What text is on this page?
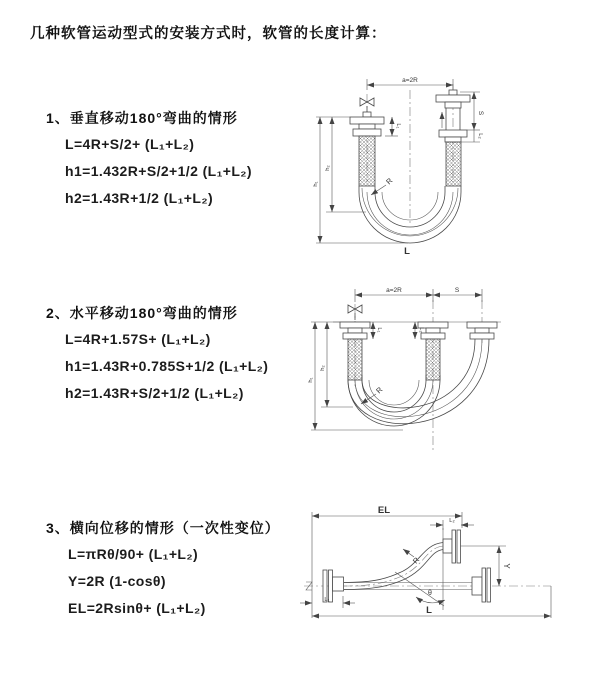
几种软管运动型式的安装方式时，软管的长度计算：
1、垂直移动180°弯曲的情形
L=4R+S/2+ (L₁+L₂)
h1=1.432R+S/2+1/2 (L₁+L₂)
h2=1.43R+1/2 (L₁+L₂)
2、水平移动180°弯曲的情形
L=4R+1.57S+ (L₁+L₂)
h1=1.43R+0.785S+1/2 (L₁+L₂)
h2=1.43R+S/2+1/2 (L₁+L₂)
3、横向位移的情形（一次性变位）
L=πRθ/90+ (L₁+L₂)
Y=2R (1-cosθ)
EL=2Rsinθ+ (L₁+L₂)
a=2R
S
L₂
h₁
h₂
L₁
R
L
a=2R	S
h₁
h₂
L₁	L₂
R
EL
L₂
Y
θ
R
L₁
L
